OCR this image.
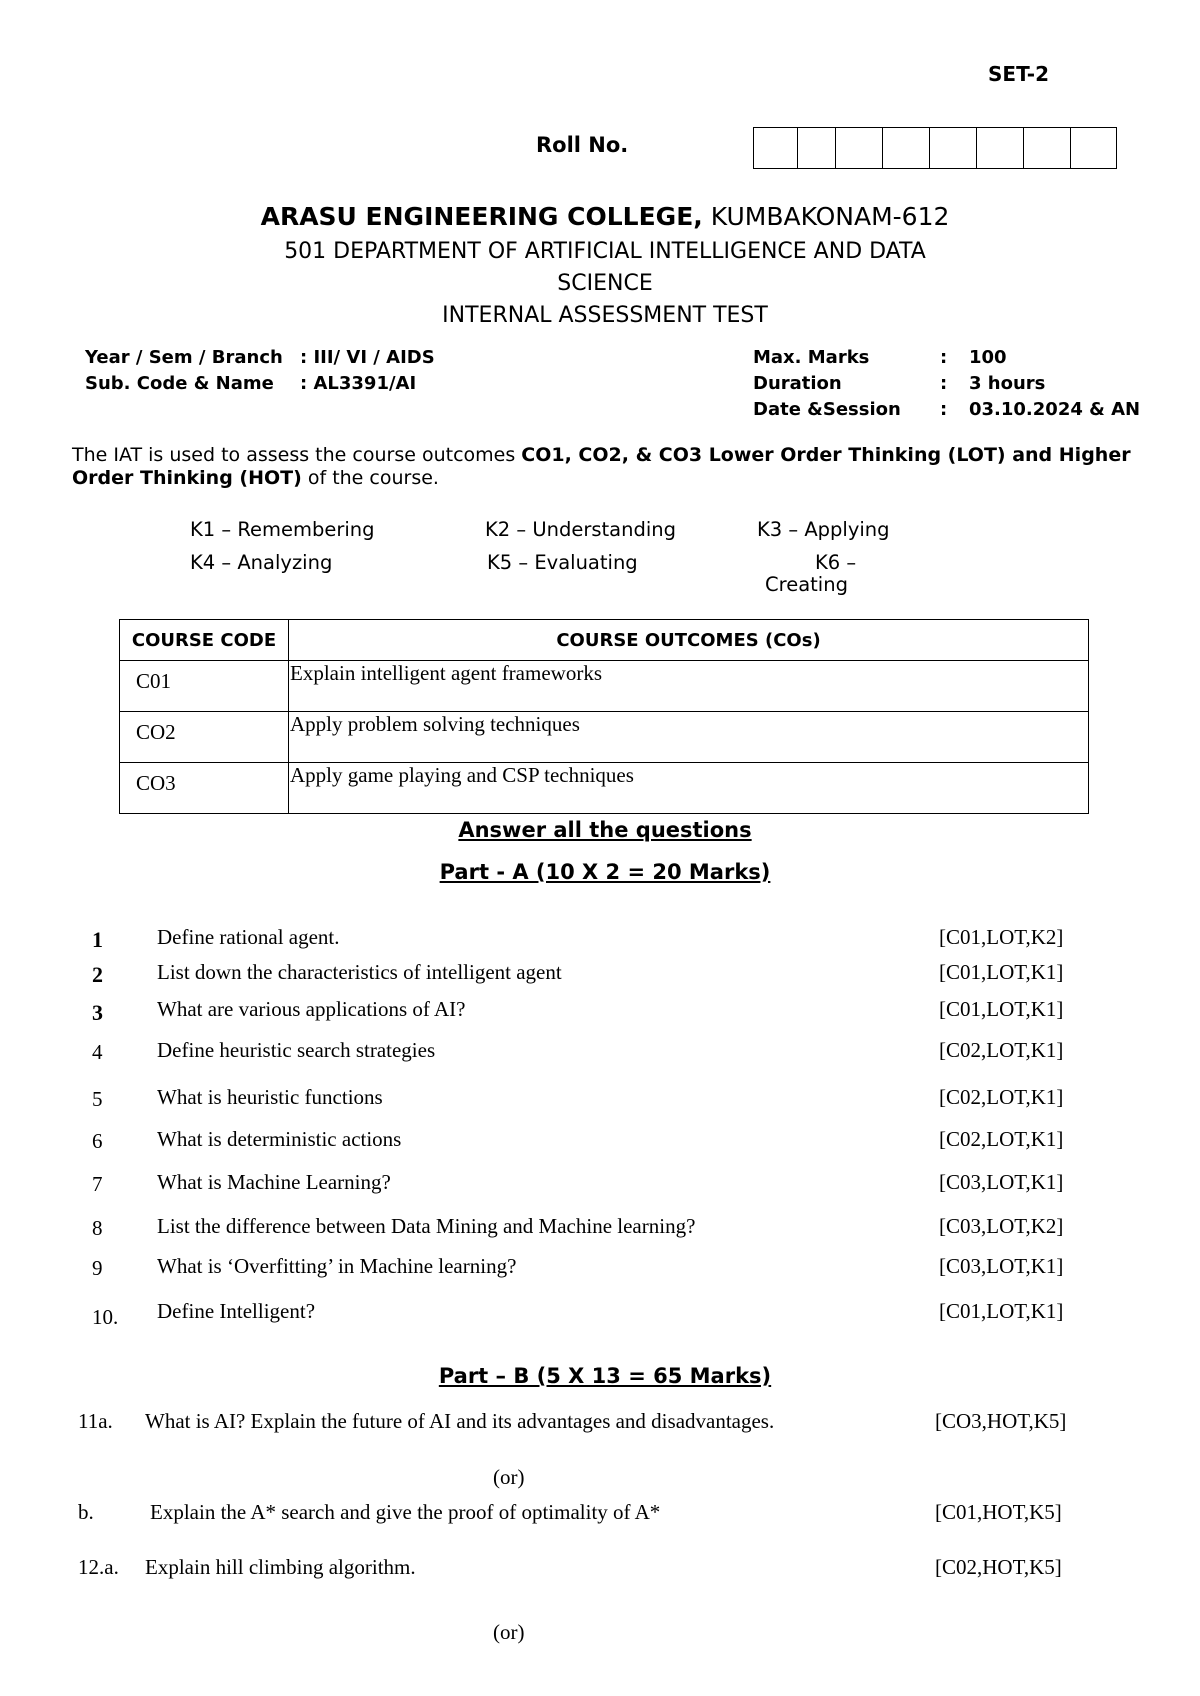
SET-2
Roll No.
ARASU ENGINEERING COLLEGE, KUMBAKONAM-612
501 DEPARTMENT OF ARTIFICIAL INTELLIGENCE AND DATA
SCIENCE
INTERNAL ASSESSMENT TEST
Year / Sem / Branch : III/ VI / AIDS
Sub. Code & Name : AL3391/AI
Max. Marks	: 100
Duration	: 3 hours
Date &Session : 03.10.2024 & AN
The IAT is used to assess the course outcomes CO1, CO2, & CO3 Lower Order Thinking (LOT) and Higher Order Thinking (HOT) of the course.
K1 – Remembering	K2 – Understanding	K3 – Applying
K4 – Analyzing	K5 – Evaluating	K6 –
Creating
COURSE CODE	COURSE OUTCOMES (COs)
C01	Explain intelligent agent frameworks
CO2	Apply problem solving techniques
CO3	Apply game playing and CSP techniques
Answer all the questions
Part - A (10 X 2 = 20 Marks)
1	Define rational agent.	[C01,LOT,K2]
2	List down the characteristics of intelligent agent	[C01,LOT,K1]
3	What are various applications of AI?	[C01,LOT,K1]
4	Define heuristic search strategies	[C02,LOT,K1]
5	What is heuristic functions	[C02,LOT,K1]
6	What is deterministic actions	[C02,LOT,K1]
7	What is Machine Learning?	[C03,LOT,K1]
8	List the difference between Data Mining and Machine learning?	[C03,LOT,K2]
9	What is ‘Overfitting’ in Machine learning?	[C03,LOT,K1]
10. Define Intelligent?	[C01,LOT,K1]
Part – B (5 X 13 = 65 Marks)
11a. What is AI? Explain the future of AI and its advantages and disadvantages.	[CO3,HOT,K5]
(or)
b.	Explain the A* search and give the proof of optimality of A*	[C01,HOT,K5]
12.a. Explain hill climbing algorithm.	[C02,HOT,K5]
(or)
